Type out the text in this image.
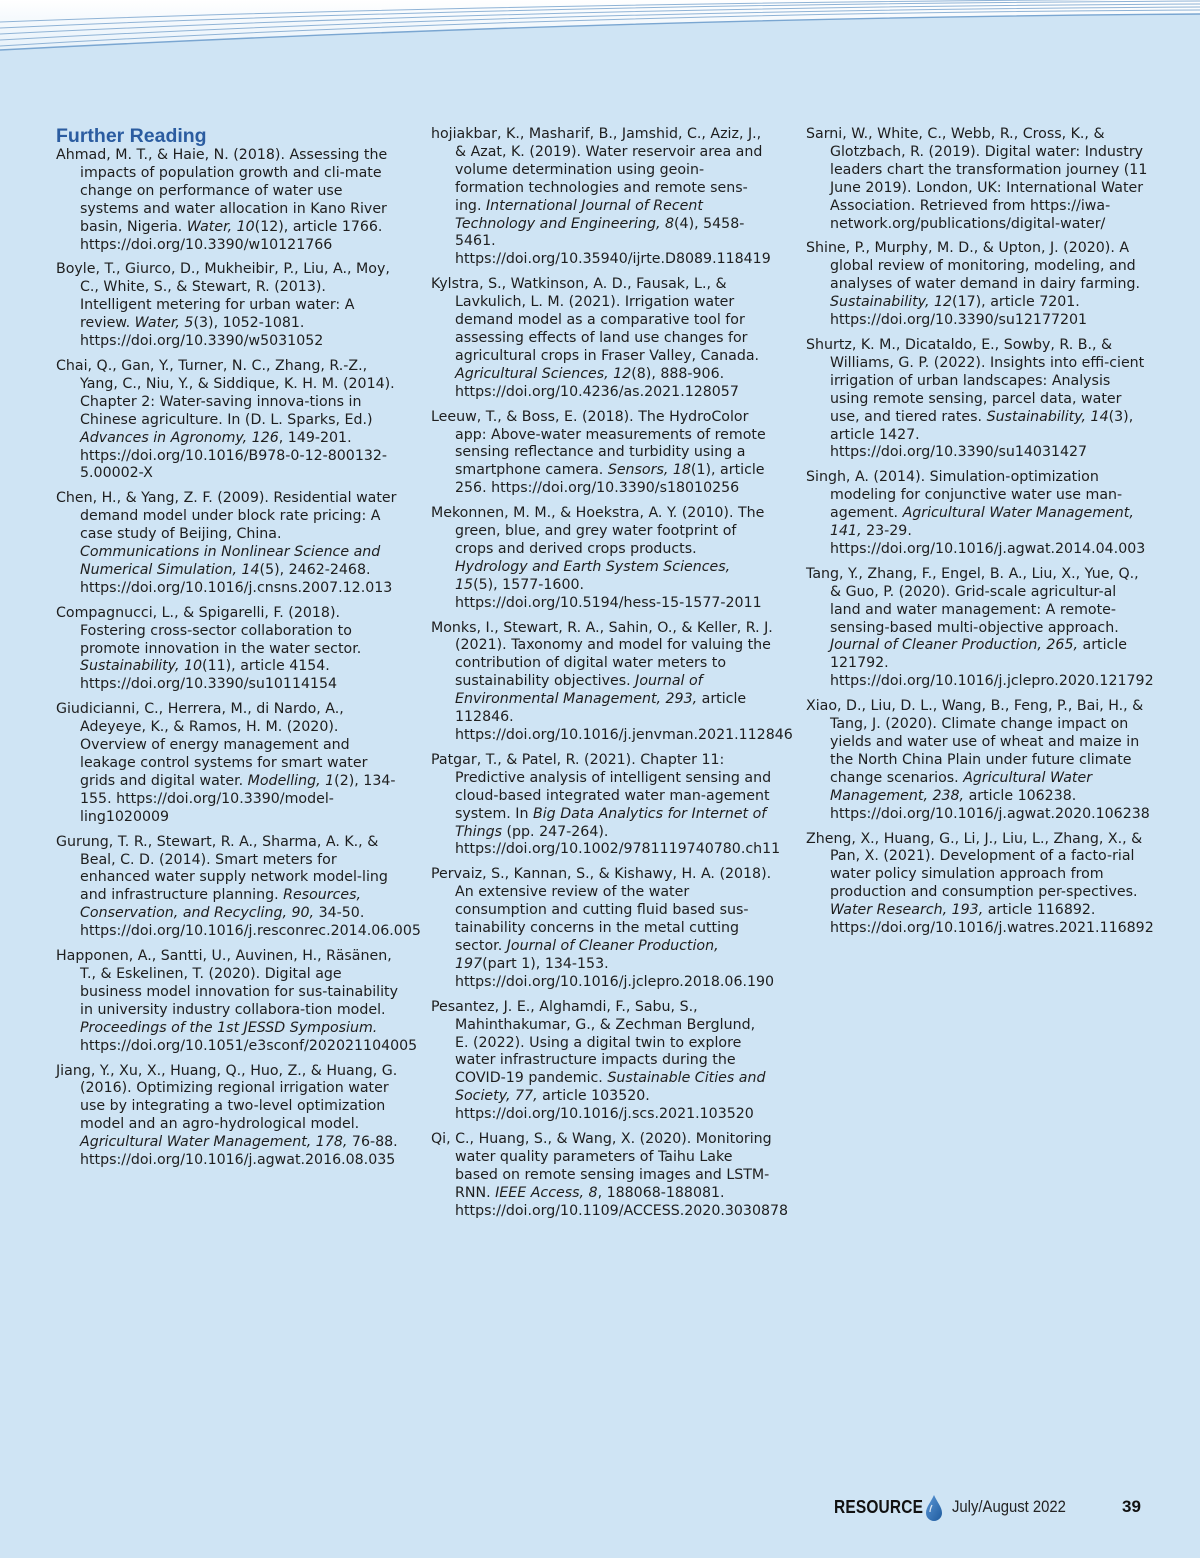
Further Reading

Ahmad, M. T., & Haie, N. (2018). Assessing the impacts of population growth and cli-mate change on performance of water use systems and water allocation in Kano River basin, Nigeria. Water, 10(12), article 1766. https://doi.org/10.3390/w10121766

Boyle, T., Giurco, D., Mukheibir, P., Liu, A., Moy, C., White, S., & Stewart, R. (2013). Intelligent metering for urban water: A review. Water, 5(3), 1052-1081. https://doi.org/10.3390/w5031052

Chai, Q., Gan, Y., Turner, N. C., Zhang, R.-Z., Yang, C., Niu, Y., & Siddique, K. H. M. (2014). Chapter 2: Water-saving innova-tions in Chinese agriculture. In (D. L. Sparks, Ed.) Advances in Agronomy, 126, 149-201. https://doi.org/10.1016/B978-0-12-800132-5.00002-X

Chen, H., & Yang, Z. F. (2009). Residential water demand model under block rate pricing: A case study of Beijing, China. Communications in Nonlinear Science and Numerical Simulation, 14(5), 2462-2468. https://doi.org/10.1016/j.cnsns.2007.12.013

Compagnucci, L., & Spigarelli, F. (2018). Fostering cross-sector collaboration to promote innovation in the water sector. Sustainability, 10(11), article 4154. https://doi.org/10.3390/su10114154

Giudicianni, C., Herrera, M., di Nardo, A., Adeyeye, K., & Ramos, H. M. (2020). Overview of energy management and leakage control systems for smart water grids and digital water. Modelling, 1(2), 134-155. https://doi.org/10.3390/model-ling1020009

Gurung, T. R., Stewart, R. A., Sharma, A. K., & Beal, C. D. (2014). Smart meters for enhanced water supply network model-ling and infrastructure planning. Resources, Conservation, and Recycling, 90, 34-50. https://doi.org/10.1016/j.resconrec.2014.06.005

Happonen, A., Santti, U., Auvinen, H., Räsänen, T., & Eskelinen, T. (2020). Digital age business model innovation for sus-tainability in university industry collabora-tion model. Proceedings of the 1st JESSD Symposium. https://doi.org/10.1051/e3sconf/202021104005

Jiang, Y., Xu, X., Huang, Q., Huo, Z., & Huang, G. (2016). Optimizing regional irrigation water use by integrating a two-level optimization model and an agro-hydrological model. Agricultural Water Management, 178, 76-88. https://doi.org/10.1016/j.agwat.2016.08.035

hojiakbar, K., Masharif, B., Jamshid, C., Aziz, J., & Azat, K. (2019). Water reservoir area and volume determination using geoin-formation technologies and remote sens-ing. International Journal of Recent Technology and Engineering, 8(4), 5458-5461. https://doi.org/10.35940/ijrte.D8089.118419

Kylstra, S., Watkinson, A. D., Fausak, L., & Lavkulich, L. M. (2021). Irrigation water demand model as a comparative tool for assessing effects of land use changes for agricultural crops in Fraser Valley, Canada. Agricultural Sciences, 12(8), 888-906. https://doi.org/10.4236/as.2021.128057

Leeuw, T., & Boss, E. (2018). The HydroColor app: Above-water measurements of remote sensing reflectance and turbidity using a smartphone camera. Sensors, 18(1), article 256. https://doi.org/10.3390/s18010256

Mekonnen, M. M., & Hoekstra, A. Y. (2010). The green, blue, and grey water footprint of crops and derived crops products. Hydrology and Earth System Sciences, 15(5), 1577-1600. https://doi.org/10.5194/hess-15-1577-2011

Monks, I., Stewart, R. A., Sahin, O., & Keller, R. J. (2021). Taxonomy and model for valuing the contribution of digital water meters to sustainability objectives. Journal of Environmental Management, 293, article 112846. https://doi.org/10.1016/j.jenvman.2021.112846

Patgar, T., & Patel, R. (2021). Chapter 11: Predictive analysis of intelligent sensing and cloud-based integrated water man-agement system. In Big Data Analytics for Internet of Things (pp. 247-264). https://doi.org/10.1002/9781119740780.ch11

Pervaiz, S., Kannan, S., & Kishawy, H. A. (2018). An extensive review of the water consumption and cutting fluid based sus-tainability concerns in the metal cutting sector. Journal of Cleaner Production, 197(part 1), 134-153. https://doi.org/10.1016/j.jclepro.2018.06.190

Pesantez, J. E., Alghamdi, F., Sabu, S., Mahinthakumar, G., & Zechman Berglund, E. (2022). Using a digital twin to explore water infrastructure impacts during the COVID-19 pandemic. Sustainable Cities and Society, 77, article 103520. https://doi.org/10.1016/j.scs.2021.103520

Qi, C., Huang, S., & Wang, X. (2020). Monitoring water quality parameters of Taihu Lake based on remote sensing images and LSTM-RNN. IEEE Access, 8, 188068-188081. https://doi.org/10.1109/ACCESS.2020.3030878

Sarni, W., White, C., Webb, R., Cross, K., & Glotzbach, R. (2019). Digital water: Industry leaders chart the transformation journey (11 June 2019). London, UK: International Water Association. Retrieved from https://iwa-network.org/publications/digital-water/

Shine, P., Murphy, M. D., & Upton, J. (2020). A global review of monitoring, modeling, and analyses of water demand in dairy farming. Sustainability, 12(17), article 7201. https://doi.org/10.3390/su12177201

Shurtz, K. M., Dicataldo, E., Sowby, R. B., & Williams, G. P. (2022). Insights into effi-cient irrigation of urban landscapes: Analysis using remote sensing, parcel data, water use, and tiered rates. Sustainability, 14(3), article 1427. https://doi.org/10.3390/su14031427

Singh, A. (2014). Simulation-optimization modeling for conjunctive water use man-agement. Agricultural Water Management, 141, 23-29. https://doi.org/10.1016/j.agwat.2014.04.003

Tang, Y., Zhang, F., Engel, B. A., Liu, X., Yue, Q., & Guo, P. (2020). Grid-scale agricultur-al land and water management: A remote-sensing-based multi-objective approach. Journal of Cleaner Production, 265, article 121792. https://doi.org/10.1016/j.jclepro.2020.121792

Xiao, D., Liu, D. L., Wang, B., Feng, P., Bai, H., & Tang, J. (2020). Climate change impact on yields and water use of wheat and maize in the North China Plain under future climate change scenarios. Agricultural Water Management, 238, article 106238. https://doi.org/10.1016/j.agwat.2020.106238

Zheng, X., Huang, G., Li, J., Liu, L., Zhang, X., & Pan, X. (2021). Development of a facto-rial water policy simulation approach from production and consumption per-spectives. Water Research, 193, article 116892. https://doi.org/10.1016/j.watres.2021.116892

RESOURCE July/August 2022	39
